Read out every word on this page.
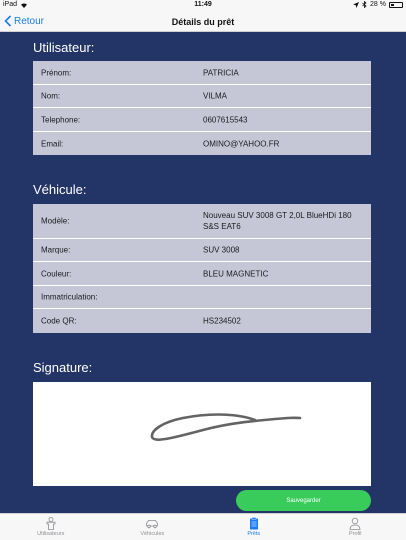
iPad	11:49	28 %
Retour	Détails du prêt
Utilisateur:
Prénom:	PATRICIA
Nom:	VILMA
Telephone:	0607615543
Email:	OMINO@YAHOO.FR
Véhicule:
Modèle:
Nouveau SUV 3008 GT 2,0L BlueHDi 180 S&S EAT6
Marque:	SUV 3008
Couleur:	BLEU MAGNETIC
Immatriculation:
Code QR:	HS234502
Signature:
Sauvegarder
Utilisateurs	Véhicules	Prêts	Profil
